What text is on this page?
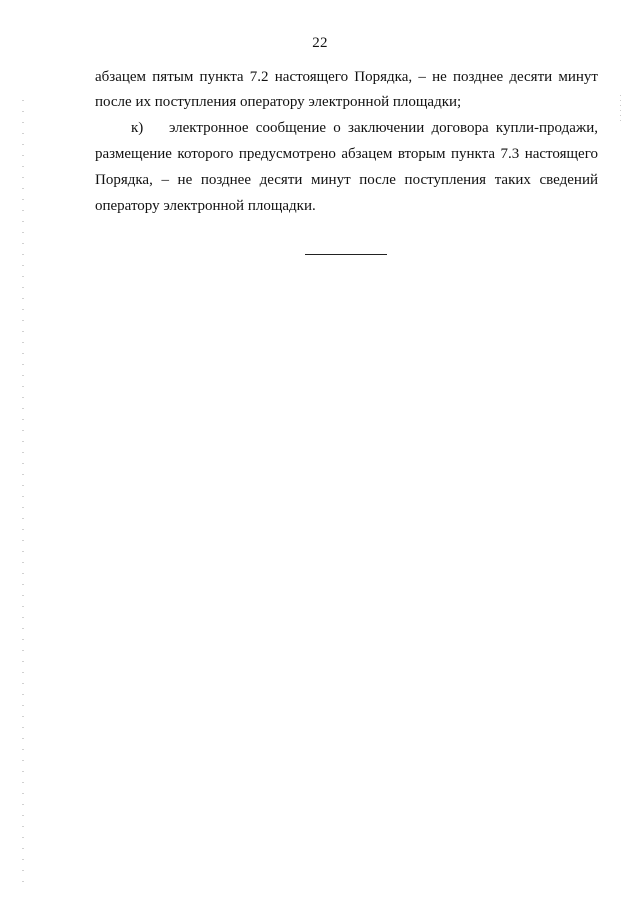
22
абзацем пятым пункта 7.2 настоящего Порядка, – не позднее десяти минут
после их поступления оператору электронной площадки;
к) электронное сообщение о заключении договора купли-продажи,
размещение которого предусмотрено абзацем вторым пункта 7.3 настоящего
Порядка, – не позднее десяти минут после поступления таких сведений
оператору электронной площадки.
